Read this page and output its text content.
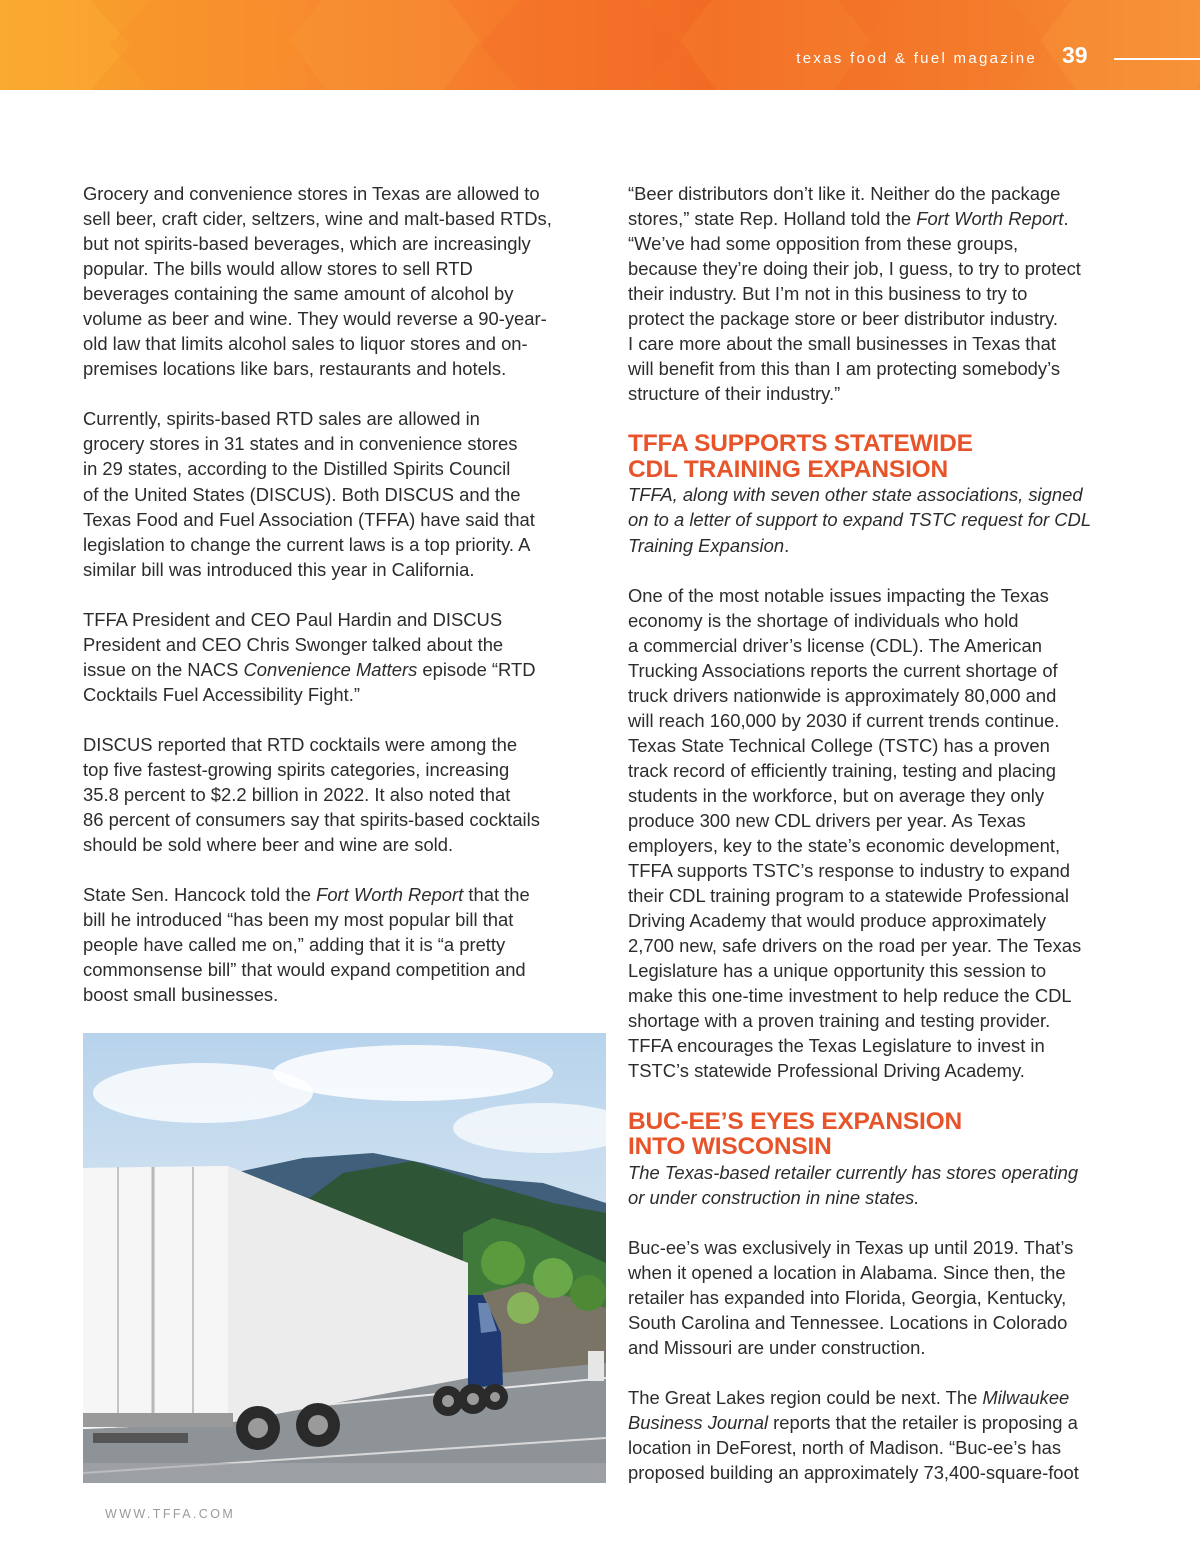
texas food & fuel magazine 39

Grocery and convenience stores in Texas are allowed to
sell beer, craft cider, seltzers, wine and malt-based RTDs,
but not spirits-based beverages, which are increasingly
popular. The bills would allow stores to sell RTD
beverages containing the same amount of alcohol by
volume as beer and wine. They would reverse a 90-year-
old law that limits alcohol sales to liquor stores and on-
premises locations like bars, restaurants and hotels.

Currently, spirits-based RTD sales are allowed in
grocery stores in 31 states and in convenience stores
in 29 states, according to the Distilled Spirits Council
of the United States (DISCUS). Both DISCUS and the
Texas Food and Fuel Association (TFFA) have said that
legislation to change the current laws is a top priority. A
similar bill was introduced this year in California.

TFFA President and CEO Paul Hardin and DISCUS
President and CEO Chris Swonger talked about the
issue on the NACS Convenience Matters episode “RTD
Cocktails Fuel Accessibility Fight.”

DISCUS reported that RTD cocktails were among the
top five fastest-growing spirits categories, increasing
35.8 percent to $2.2 billion in 2022. It also noted that
86 percent of consumers say that spirits-based cocktails
should be sold where beer and wine are sold.

State Sen. Hancock told the Fort Worth Report that the
bill he introduced “has been my most popular bill that
people have called me on,” adding that it is “a pretty
commonsense bill” that would expand competition and
boost small businesses.

“Beer distributors don’t like it. Neither do the package
stores,” state Rep. Holland told the Fort Worth Report.
“We’ve had some opposition from these groups,
because they’re doing their job, I guess, to try to protect
their industry. But I’m not in this business to try to
protect the package store or beer distributor industry.
I care more about the small businesses in Texas that
will benefit from this than I am protecting somebody’s
structure of their industry.”

TFFA SUPPORTS STATEWIDE
CDL TRAINING EXPANSION
TFFA, along with seven other state associations, signed
on to a letter of support to expand TSTC request for CDL
Training Expansion.

One of the most notable issues impacting the Texas
economy is the shortage of individuals who hold
a commercial driver’s license (CDL). The American
Trucking Associations reports the current shortage of
truck drivers nationwide is approximately 80,000 and
will reach 160,000 by 2030 if current trends continue.
Texas State Technical College (TSTC) has a proven
track record of efficiently training, testing and placing
students in the workforce, but on average they only
produce 300 new CDL drivers per year. As Texas
employers, key to the state’s economic development,
TFFA supports TSTC’s response to industry to expand
their CDL training program to a statewide Professional
Driving Academy that would produce approximately
2,700 new, safe drivers on the road per year. The Texas
Legislature has a unique opportunity this session to
make this one-time investment to help reduce the CDL
shortage with a proven training and testing provider.
TFFA encourages the Texas Legislature to invest in
TSTC’s statewide Professional Driving Academy.

BUC-EE’S EYES EXPANSION
INTO WISCONSIN
The Texas-based retailer currently has stores operating
or under construction in nine states.

Buc-ee’s was exclusively in Texas up until 2019. That’s
when it opened a location in Alabama. Since then, the
retailer has expanded into Florida, Georgia, Kentucky,
South Carolina and Tennessee. Locations in Colorado
and Missouri are under construction.

The Great Lakes region could be next. The Milwaukee
Business Journal reports that the retailer is proposing a
location in DeForest, north of Madison. “Buc-ee’s has
proposed building an approximately 73,400-square-foot

WWW.TFFA.COM
